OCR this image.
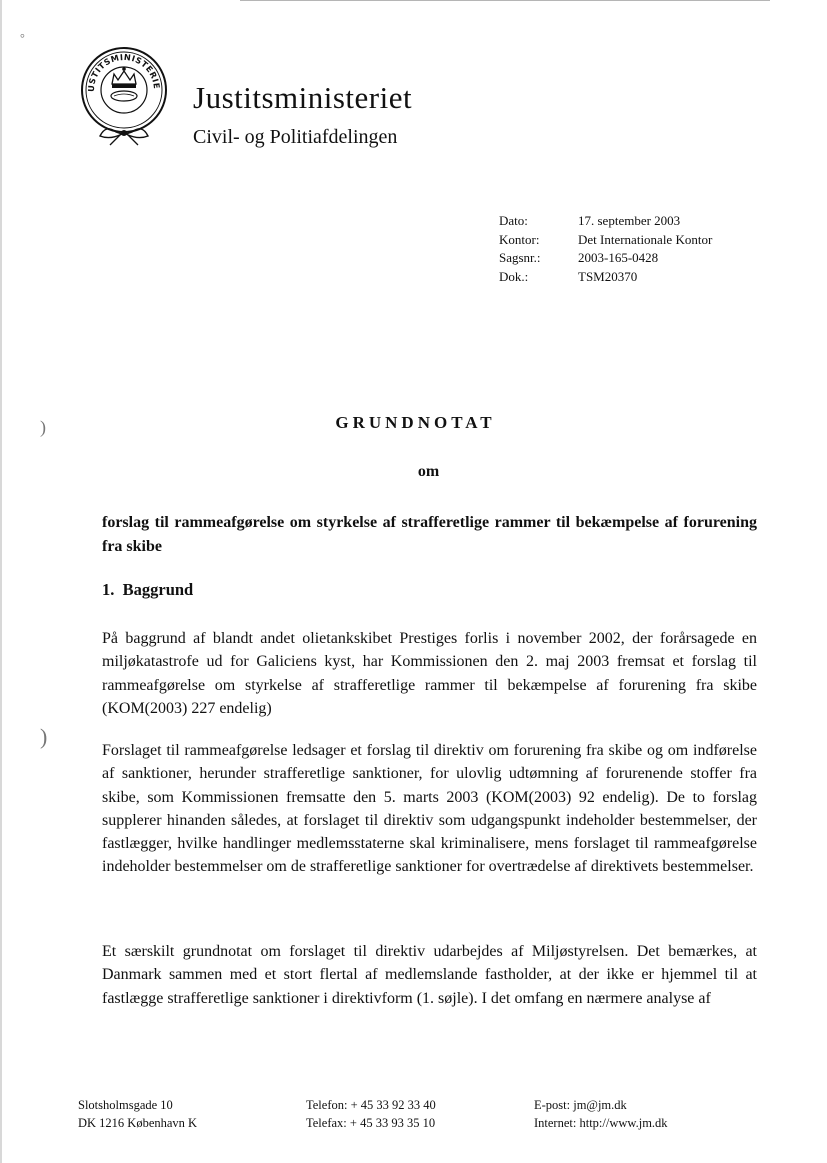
°
)
)
USTITSMINISTERIE Justitsministeriet
Civil- og Politiafdelingen
Dato:	17. september 2003
Kontor:	Det Internationale Kontor
Sagsnr.:	2003-165-0428
Dok.:	TSM20370
GRUNDNOTAT
om
forslag til rammeafgørelse om styrkelse af strafferetlige rammer til bekæmpelse af forurening fra skibe
1.  Baggrund

På baggrund af blandt andet olietankskibet Prestiges forlis i november 2002, der forårsagede en miljøkatastrofe ud for Galiciens kyst, har Kommissionen den 2. maj 2003 fremsat et forslag til rammeafgørelse om styrkelse af strafferetlige rammer til bekæmpelse af forurening fra skibe (KOM(2003) 227 endelig)

Forslaget til rammeafgørelse ledsager et forslag til direktiv om forurening fra skibe og om indførelse af sanktioner, herunder strafferetlige sanktioner, for ulovlig udtømning af forurenende stoffer fra skibe, som Kommissionen fremsatte den 5. marts 2003 (KOM(2003) 92 endelig). De to forslag supplerer hinanden således, at forslaget til direktiv som udgangspunkt indeholder bestemmelser, der fastlægger, hvilke handlinger medlemsstaterne skal kriminalisere, mens forslaget til rammeafgørelse indeholder bestemmelser om de strafferetlige sanktioner for overtrædelse af direktivets bestemmelser.

Et særskilt grundnotat om forslaget til direktiv udarbejdes af Miljøstyrelsen. Det bemærkes, at Danmark sammen med et stort flertal af medlemslande fastholder, at der ikke er hjemmel til at fastlægge strafferetlige sanktioner i direktivform (1. søjle). I det omfang en nærmere analyse af

Slotsholmsgade 10
DK 1216 København K
Telefon: + 45 33 92 33 40
Telefax: + 45 33 93 35 10
E-post: jm@jm.dk
Internet: http://www.jm.dk
